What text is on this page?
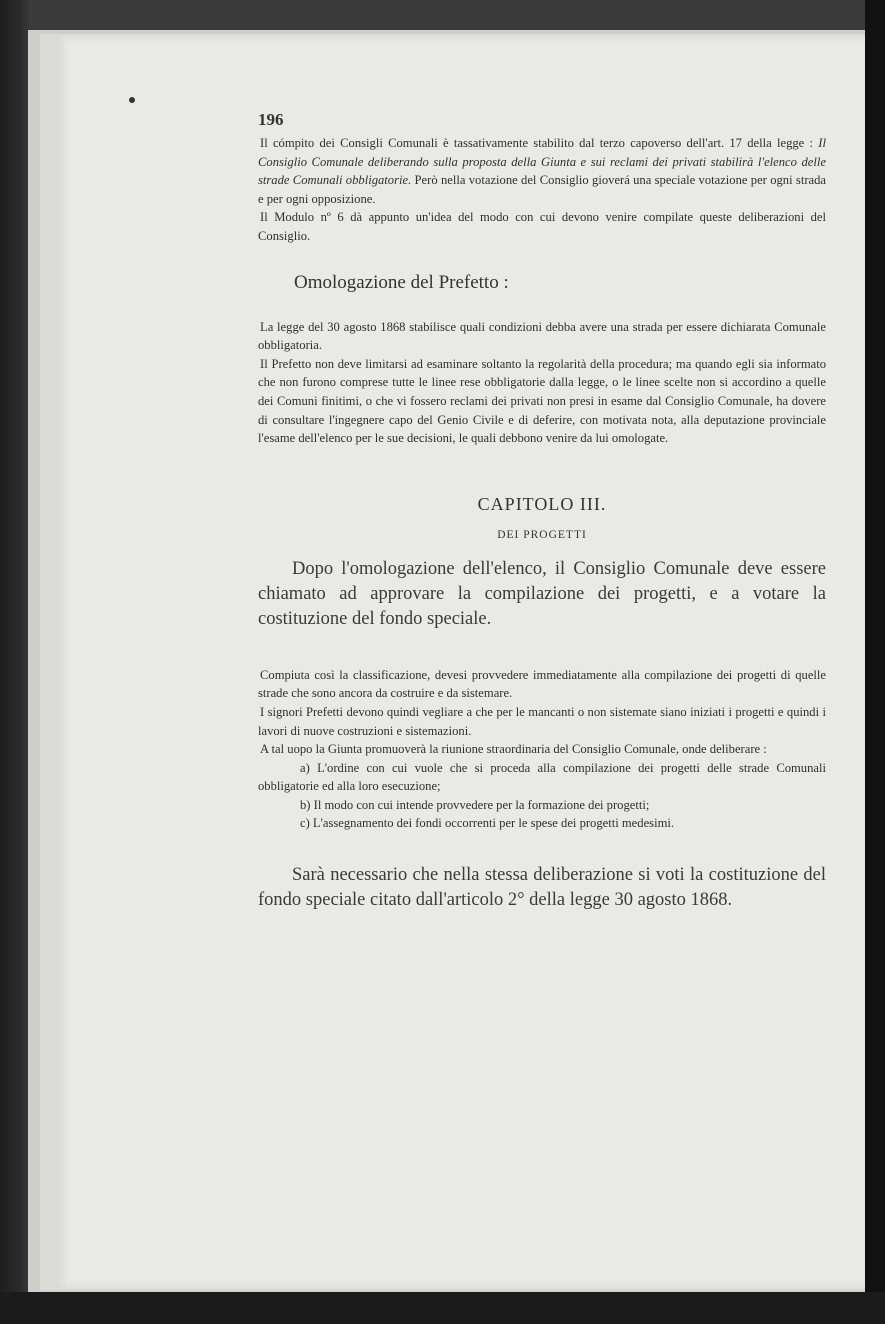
196

Il cómpito dei Consigli Comunali è tassativamente stabilito dal terzo capoverso dell'art. 17 della legge : Il Consiglio Comunale deliberando sulla proposta della Giunta e sui reclami dei privati stabilirà l'elenco delle strade Comunali obbligatorie. Però nella votazione del Consiglio gioverá una speciale votazione per ogni strada e per ogni opposizione.

Il Modulo nº 6 dà appunto un'idea del modo con cui devono venire compilate queste deliberazioni del Consiglio.

Omologazione del Prefetto :

La legge del 30 agosto 1868 stabilisce quali condizioni debba avere una strada per essere dichiarata Comunale obbligatoria.

Il Prefetto non deve limitarsi ad esaminare soltanto la regolarità della procedura; ma quando egli sia informato che non furono comprese tutte le linee rese obbligatorie dalla legge, o le linee scelte non si accordino a quelle dei Comuni finitimi, o che vi fossero reclami dei privati non presi in esame dal Consiglio Comunale, ha dovere di consultare l'ingegnere capo del Genio Civile e di deferire, con motivata nota, alla deputazione provinciale l'esame dell'elenco per le sue decisioni, le quali debbono venire da lui omologate.

CAPITOLO III.
DEI PROGETTI

Dopo l'omologazione dell'elenco, il Consiglio Comunale deve essere chiamato ad approvare la compilazione dei progetti, e a votare la costituzione del fondo speciale.

Compiuta così la classificazione, devesi provvedere immediatamente alla compilazione dei progetti di quelle strade che sono ancora da costruire e da sistemare.

I signori Prefetti devono quindi vegliare a che per le mancanti o non sistemate siano iniziati i progetti e quindi i lavori di nuove costruzioni e sistemazioni.

A tal uopo la Giunta promuoverà la riunione straordinaria del Consiglio Comunale, onde deliberare :

a) L'ordine con cui vuole che si proceda alla compilazione dei progetti delle strade Comunali obbligatorie ed alla loro esecuzione;

b) Il modo con cui intende provvedere per la formazione dei progetti;

c) L'assegnamento dei fondi occorrenti per le spese dei progetti medesimi.

Sarà necessario che nella stessa deliberazione si voti la costituzione del fondo speciale citato dall'articolo 2° della legge 30 agosto 1868.
